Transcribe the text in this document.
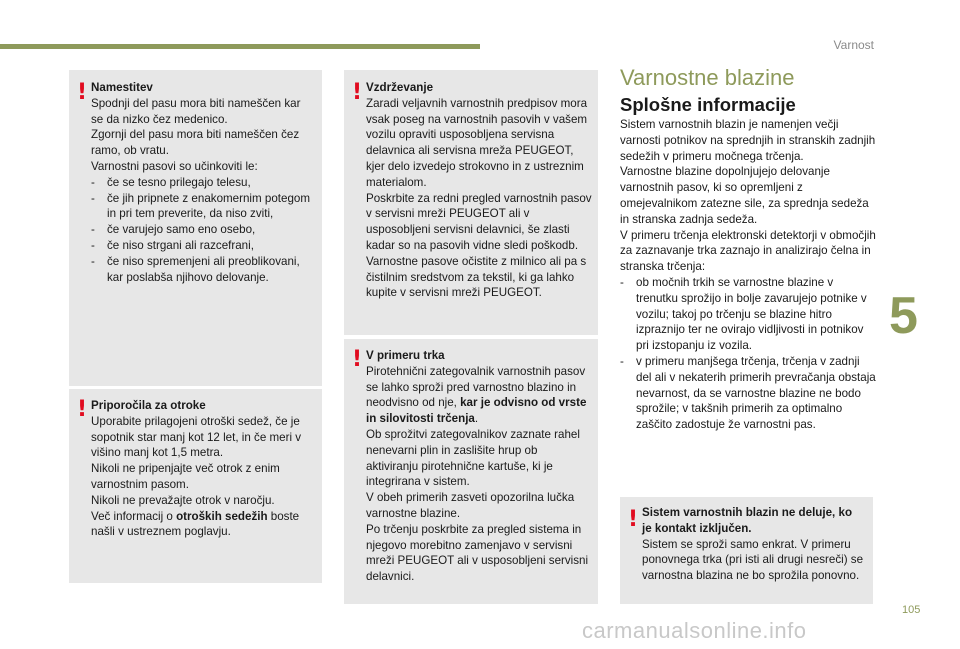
Varnost
5
105
carmanualsonline.info
! Namestitev

Spodnji del pasu mora biti nameščen kar se da nizko čez medenico.

Zgornji del pasu mora biti nameščen čez ramo, ob vratu.

Varnostni pasovi so učinkoviti le:

- če se tesno prilegajo telesu,
- če jih pripnete z enakomernim potegom in pri tem preverite, da niso zviti,
- če varujejo samo eno osebo,
- če niso strgani ali razcefrani,
- če niso spremenjeni ali preoblikovani, kar poslabša njihovo delovanje.
! Priporočila za otroke

Uporabite prilagojeni otroški sedež, če je sopotnik star manj kot 12 let, in če meri v višino manj kot 1,5 metra.

Nikoli ne pripenjajte več otrok z enim varnostnim pasom.

Nikoli ne prevažajte otrok v naročju.

Več informacij o otroških sedežih boste našli v ustreznem poglavju.

! Vzdrževanje

Zaradi veljavnih varnostnih predpisov mora vsak poseg na varnostnih pasovih v vašem vozilu opraviti usposobljena servisna delavnica ali servisna mreža PEUGEOT, kjer delo izvedejo strokovno in z ustreznim materialom.

Poskrbite za redni pregled varnostnih pasov v servisni mreži PEUGEOT ali v usposobljeni servisni delavnici, še zlasti kadar so na pasovih vidne sledi poškodb.

Varnostne pasove očistite z milnico ali pa s čistilnim sredstvom za tekstil, ki ga lahko kupite v servisni mreži PEUGEOT.

! V primeru trka

Pirotehnični zategovalnik varnostnih pasov se lahko sproži pred varnostno blazino in neodvisno od nje, kar je odvisno od vrste in silovitosti trčenja.

Ob sprožitvi zategovalnikov zaznate rahel nenevarni plin in zaslišite hrup ob aktiviranju pirotehnične kartuše, ki je integrirana v sistem.

V obeh primerih zasveti opozorilna lučka varnostne blazine.

Po trčenju poskrbite za pregled sistema in njegovo morebitno zamenjavo v servisni mreži PEUGEOT ali v usposobljeni servisni delavnici.

Varnostne blazine
Splošne informacije

Sistem varnostnih blazin je namenjen večji varnosti potnikov na sprednjih in stranskih zadnjih sedežih v primeru močnega trčenja.

Varnostne blazine dopolnjujejo delovanje varnostnih pasov, ki so opremljeni z omejevalnikom zatezne sile, za sprednja sedeža in stranska zadnja sedeža.

V primeru trčenja elektronski detektorji v območjih za zaznavanje trka zaznajo in analizirajo čelna in stranska trčenja:

- ob močnih trkih se varnostne blazine v trenutku sprožijo in bolje zavarujejo potnike v vozilu; takoj po trčenju se blazine hitro izpraznijo ter ne ovirajo vidljivosti in potnikov pri izstopanju iz vozila.
- v primeru manjšega trčenja, trčenja v zadnji del ali v nekaterih primerih prevračanja obstaja nevarnost, da se varnostne blazine ne bodo sprožile; v takšnih primerih za optimalno zaščito zadostuje že varnostni pas.
! Sistem varnostnih blazin ne deluje, ko je kontakt izključen.

Sistem se sproži samo enkrat. V primeru ponovnega trka (pri isti ali drugi nesreči) se varnostna blazina ne bo sprožila ponovno.
